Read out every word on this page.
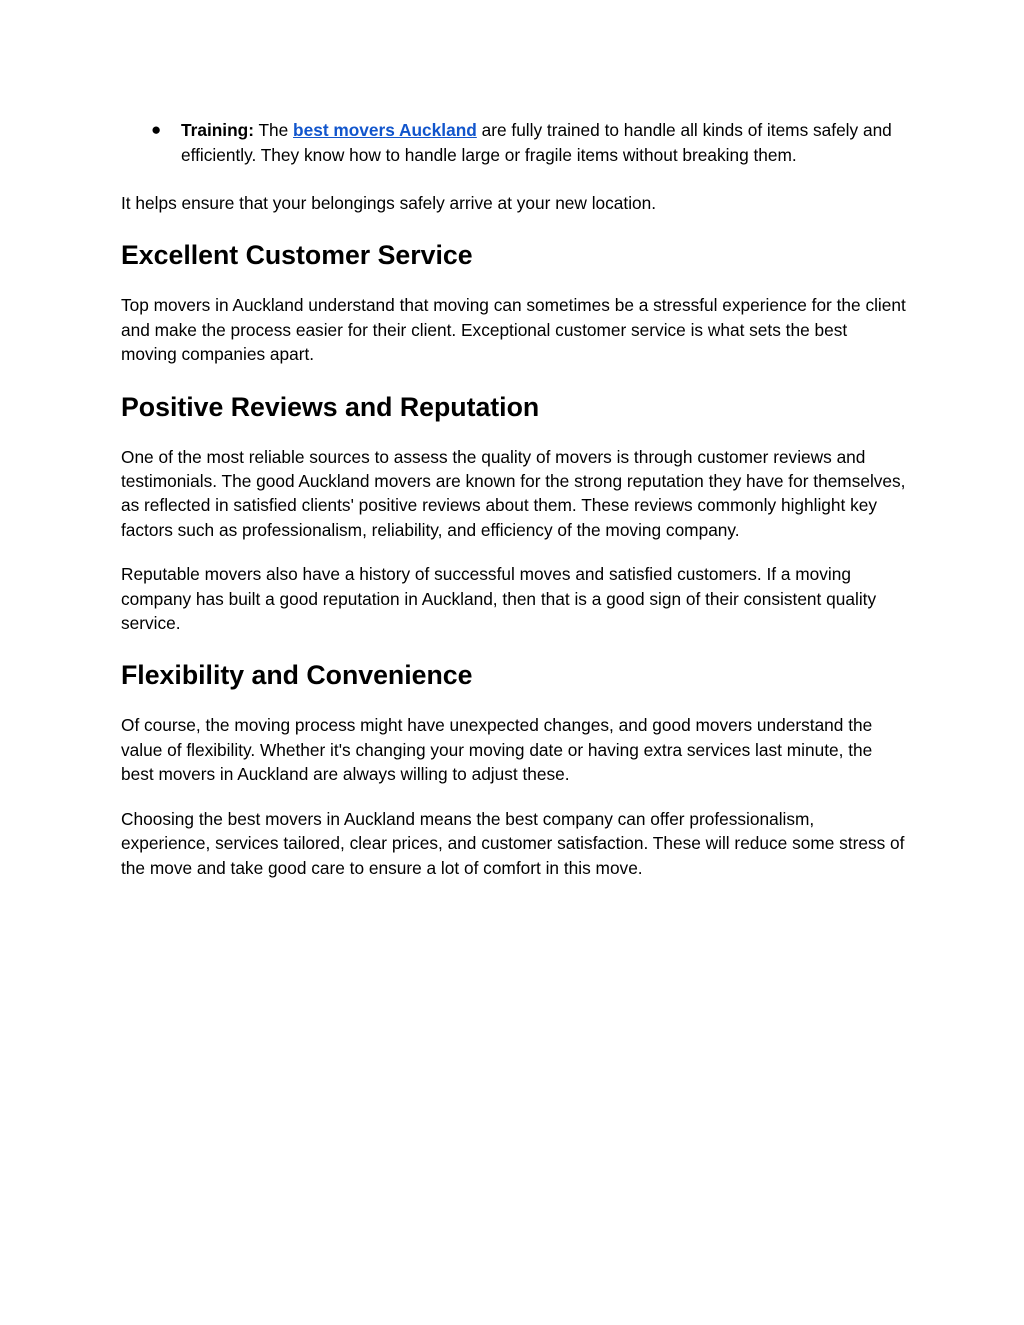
● Training: The best movers Auckland are fully trained to handle all kinds of items safely and efficiently. They know how to handle large or fragile items without breaking them.

It helps ensure that your belongings safely arrive at your new location.

Excellent Customer Service

Top movers in Auckland understand that moving can sometimes be a stressful experience for the client and make the process easier for their client. Exceptional customer service is what sets the best moving companies apart.

Positive Reviews and Reputation

One of the most reliable sources to assess the quality of movers is through customer reviews and testimonials. The good Auckland movers are known for the strong reputation they have for themselves, as reflected in satisfied clients' positive reviews about them. These reviews commonly highlight key factors such as professionalism, reliability, and efficiency of the moving company.

Reputable movers also have a history of successful moves and satisfied customers. If a moving company has built a good reputation in Auckland, then that is a good sign of their consistent quality service.

Flexibility and Convenience

Of course, the moving process might have unexpected changes, and good movers understand the value of flexibility. Whether it's changing your moving date or having extra services last minute, the best movers in Auckland are always willing to adjust these.

Choosing the best movers in Auckland means the best company can offer professionalism, experience, services tailored, clear prices, and customer satisfaction. These will reduce some stress of the move and take good care to ensure a lot of comfort in this move.
